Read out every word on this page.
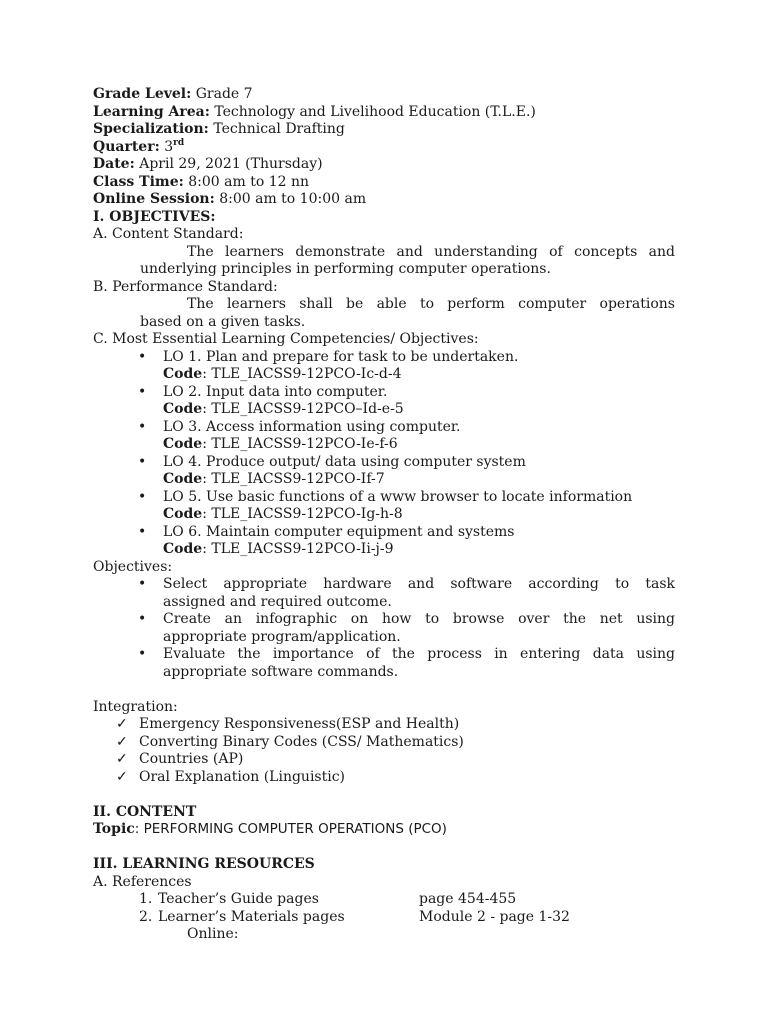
Grade Level: Grade 7
Learning Area: Technology and Livelihood Education (T.L.E.)
Specialization: Technical Drafting
Quarter: 3rd
Date: April 29, 2021 (Thursday)
Class Time: 8:00 am to 12 nn
Online Session: 8:00 am to 10:00 am
I. OBJECTIVES:
A. Content Standard:
The learners demonstrate and understanding of concepts and
underlying principles in performing computer operations.
B. Performance Standard:
The learners shall be able to perform computer operations
based on a given tasks.
C. Most Essential Learning Competencies/ Objectives:
• LO 1. Plan and prepare for task to be undertaken.
Code: TLE_IACSS9-12PCO-Ic-d-4
• LO 2. Input data into computer.
Code: TLE_IACSS9-12PCO–Id-e-5
• LO 3. Access information using computer.
Code: TLE_IACSS9-12PCO-Ie-f-6
• LO 4. Produce output/ data using computer system
Code: TLE_IACSS9-12PCO-If-7
• LO 5. Use basic functions of a www browser to locate information
Code: TLE_IACSS9-12PCO-Ig-h-8
• LO 6. Maintain computer equipment and systems
Code: TLE_IACSS9-12PCO-Ii-j-9
Objectives:
• Select appropriate hardware and software according to task
assigned and required outcome.
• Create an infographic on how to browse over the net using
appropriate program/application.
• Evaluate the importance of the process in entering data using
appropriate software commands.
Integration:
✓ Emergency Responsiveness(ESP and Health)
✓ Converting Binary Codes (CSS/ Mathematics)
✓ Countries (AP)
✓ Oral Explanation (Linguistic)
II. CONTENT
Topic: PERFORMING COMPUTER OPERATIONS (PCO)
III. LEARNING RESOURCES
A. References
1. Teacher’s Guide pages	page 454-455
2. Learner’s Materials pages	Module 2 - page 1-32
Online:
